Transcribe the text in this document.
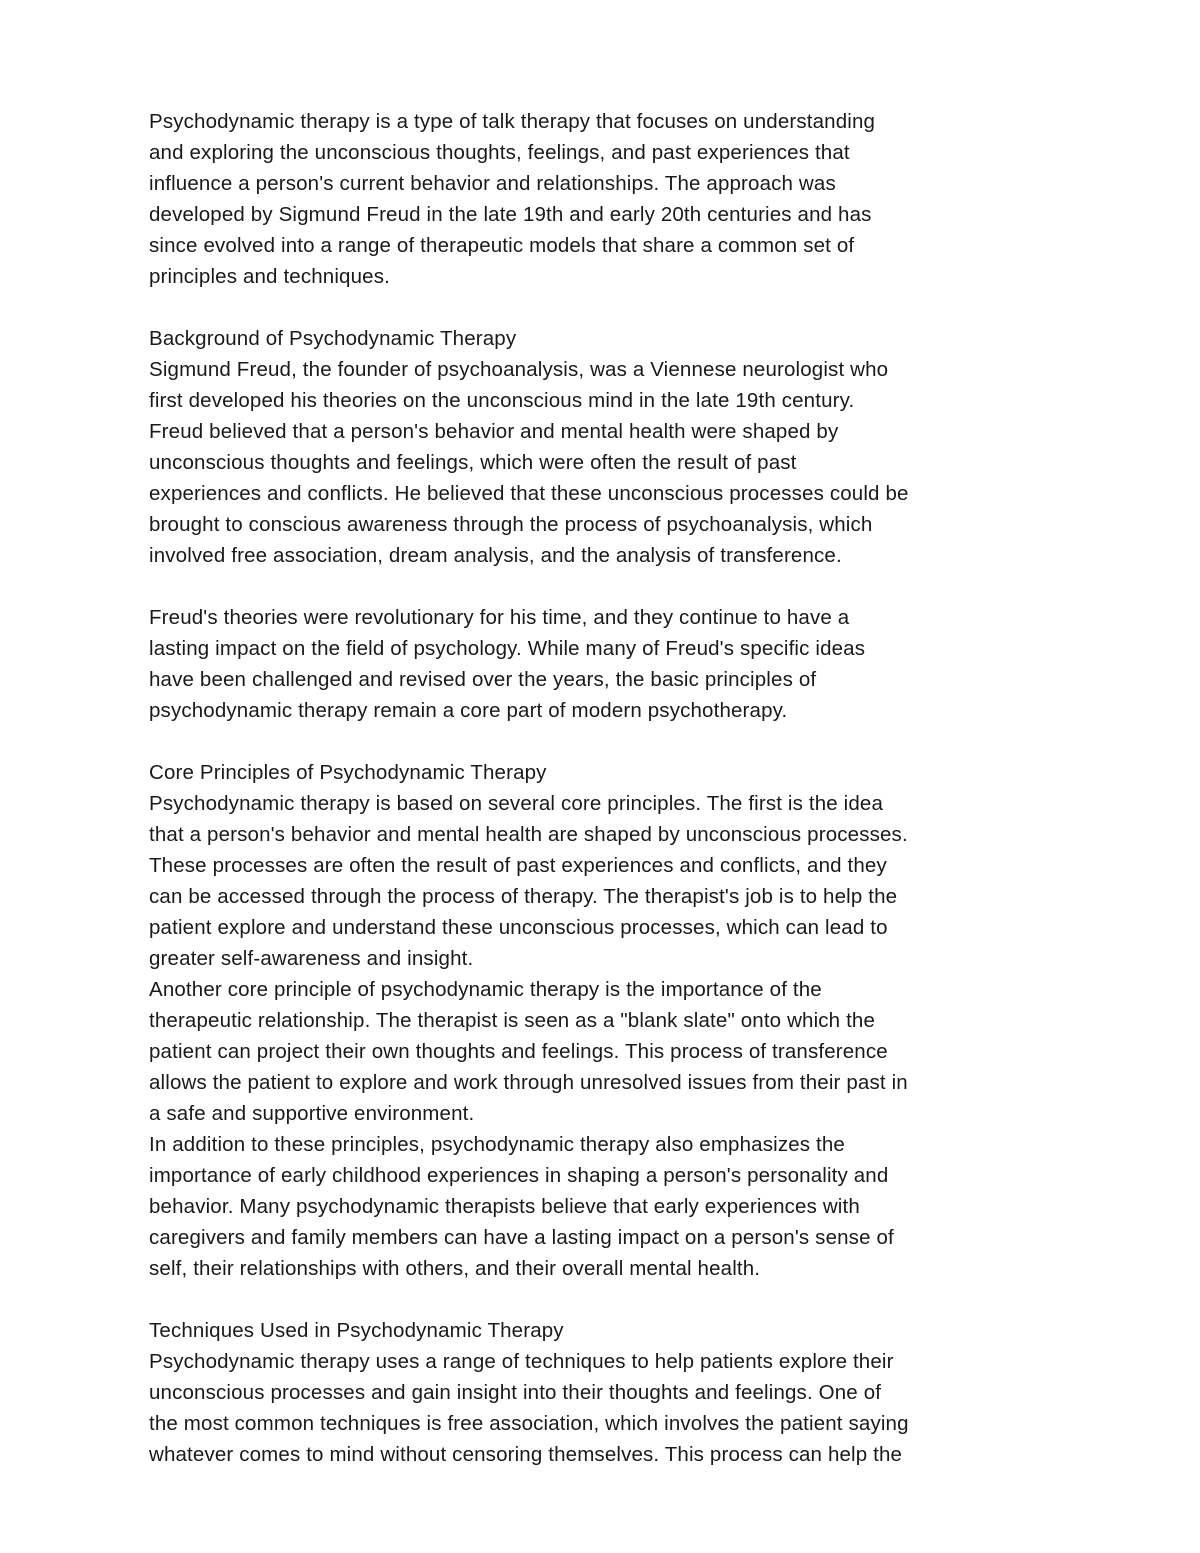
Psychodynamic therapy is a type of talk therapy that focuses on understanding
and exploring the unconscious thoughts, feelings, and past experiences that
influence a person's current behavior and relationships. The approach was
developed by Sigmund Freud in the late 19th and early 20th centuries and has
since evolved into a range of therapeutic models that share a common set of
principles and techniques.

Background of Psychodynamic Therapy

Sigmund Freud, the founder of psychoanalysis, was a Viennese neurologist who
first developed his theories on the unconscious mind in the late 19th century.
Freud believed that a person's behavior and mental health were shaped by
unconscious thoughts and feelings, which were often the result of past
experiences and conflicts. He believed that these unconscious processes could be
brought to conscious awareness through the process of psychoanalysis, which
involved free association, dream analysis, and the analysis of transference.

Freud's theories were revolutionary for his time, and they continue to have a
lasting impact on the field of psychology. While many of Freud's specific ideas
have been challenged and revised over the years, the basic principles of
psychodynamic therapy remain a core part of modern psychotherapy.

Core Principles of Psychodynamic Therapy

Psychodynamic therapy is based on several core principles. The first is the idea
that a person's behavior and mental health are shaped by unconscious processes.
These processes are often the result of past experiences and conflicts, and they
can be accessed through the process of therapy. The therapist's job is to help the
patient explore and understand these unconscious processes, which can lead to
greater self-awareness and insight.

Another core principle of psychodynamic therapy is the importance of the
therapeutic relationship. The therapist is seen as a "blank slate" onto which the
patient can project their own thoughts and feelings. This process of transference
allows the patient to explore and work through unresolved issues from their past in
a safe and supportive environment.

In addition to these principles, psychodynamic therapy also emphasizes the
importance of early childhood experiences in shaping a person's personality and
behavior. Many psychodynamic therapists believe that early experiences with
caregivers and family members can have a lasting impact on a person's sense of
self, their relationships with others, and their overall mental health.

Techniques Used in Psychodynamic Therapy

Psychodynamic therapy uses a range of techniques to help patients explore their
unconscious processes and gain insight into their thoughts and feelings. One of
the most common techniques is free association, which involves the patient saying
whatever comes to mind without censoring themselves. This process can help the
